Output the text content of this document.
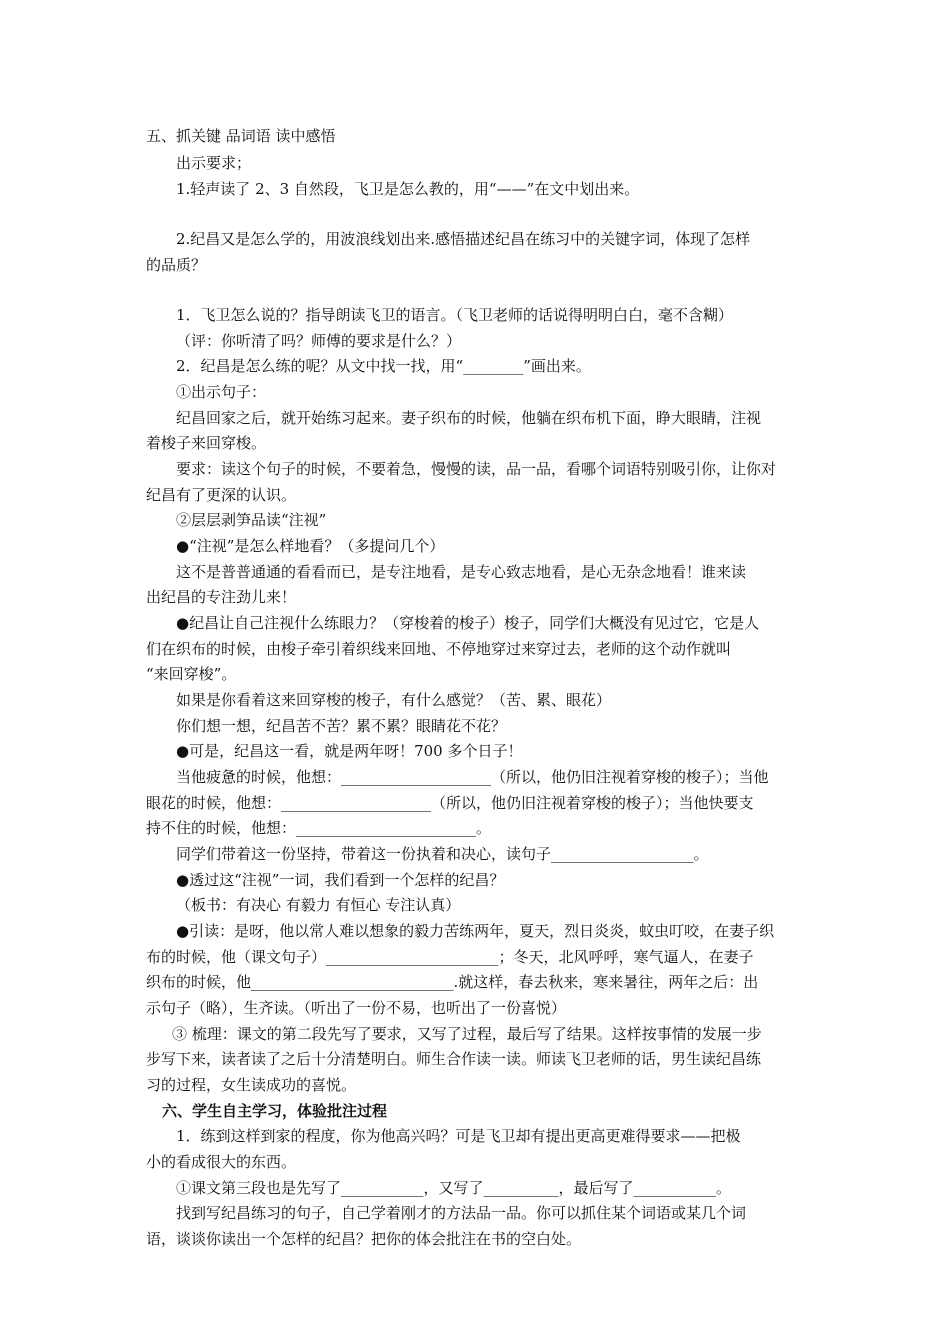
五、抓关键 品词语 读中感悟
出示要求；
1.轻声读了 2、3 自然段，飞卫是怎么教的，用“——”在文中划出来。
2.纪昌又是怎么学的，用波浪线划出来.感悟描述纪昌在练习中的关键字词，体现了怎样
的品质？
1．飞卫怎么说的？指导朗读飞卫的语言。（飞卫老师的话说得明明白白，毫不含糊）
（评：你听清了吗？师傅的要求是什么？）
2．纪昌是怎么练的呢？从文中找一找，用“________”画出来。
①出示句子：
纪昌回家之后，就开始练习起来。妻子织布的时候，他躺在织布机下面，睁大眼睛，注视
着梭子来回穿梭。
要求：读这个句子的时候，不要着急，慢慢的读，品一品，看哪个词语特别吸引你，让你对
纪昌有了更深的认识。
②层层剥笋品读“注视”
●“注视”是怎么样地看？（多提问几个）
这不是普普通通的看看而已，是专注地看，是专心致志地看，是心无杂念地看！谁来读
出纪昌的专注劲儿来！
●纪昌让自己注视什么练眼力？（穿梭着的梭子）梭子，同学们大概没有见过它，它是人
们在织布的时候，由梭子牵引着织线来回地、不停地穿过来穿过去，老师的这个动作就叫
“来回穿梭”。
如果是你看着这来回穿梭的梭子，有什么感觉？（苦、累、眼花）
你们想一想，纪昌苦不苦？累不累？眼睛花不花？
●可是，纪昌这一看，就是两年呀！700 多个日子！
当他疲惫的时候，他想：____________________（所以，他仍旧注视着穿梭的梭子）；当他
眼花的时候，他想：____________________（所以，他仍旧注视着穿梭的梭子）；当他快要支
持不住的时候，他想：________________________。
同学们带着这一份坚持，带着这一份执着和决心，读句子___________________。
●透过这“注视”一词，我们看到一个怎样的纪昌？
（板书：有决心 有毅力 有恒心 专注认真）
●引读：是呀，他以常人难以想象的毅力苦练两年，夏天，烈日炎炎，蚊虫叮咬，在妻子织
布的时候，他（课文句子）_______________________；冬天，北风呼呼，寒气逼人，在妻子
织布的时候，他___________________________.就这样，春去秋来，寒来暑往，两年之后：出
示句子（略），生齐读。（听出了一份不易，也听出了一份喜悦）
③ 梳理：课文的第二段先写了要求，又写了过程，最后写了结果。这样按事情的发展一步
步写下来，读者读了之后十分清楚明白。师生合作读一读。师读飞卫老师的话，男生读纪昌练
习的过程，女生读成功的喜悦。
六、学生自主学习，体验批注过程
1．练到这样到家的程度，你为他高兴吗？可是飞卫却有提出更高更难得要求——把极
小的看成很大的东西。
①课文第三段也是先写了___________，又写了__________，最后写了___________。
找到写纪昌练习的句子，自己学着刚才的方法品一品。你可以抓住某个词语或某几个词
语，谈谈你读出一个怎样的纪昌？把你的体会批注在书的空白处。
